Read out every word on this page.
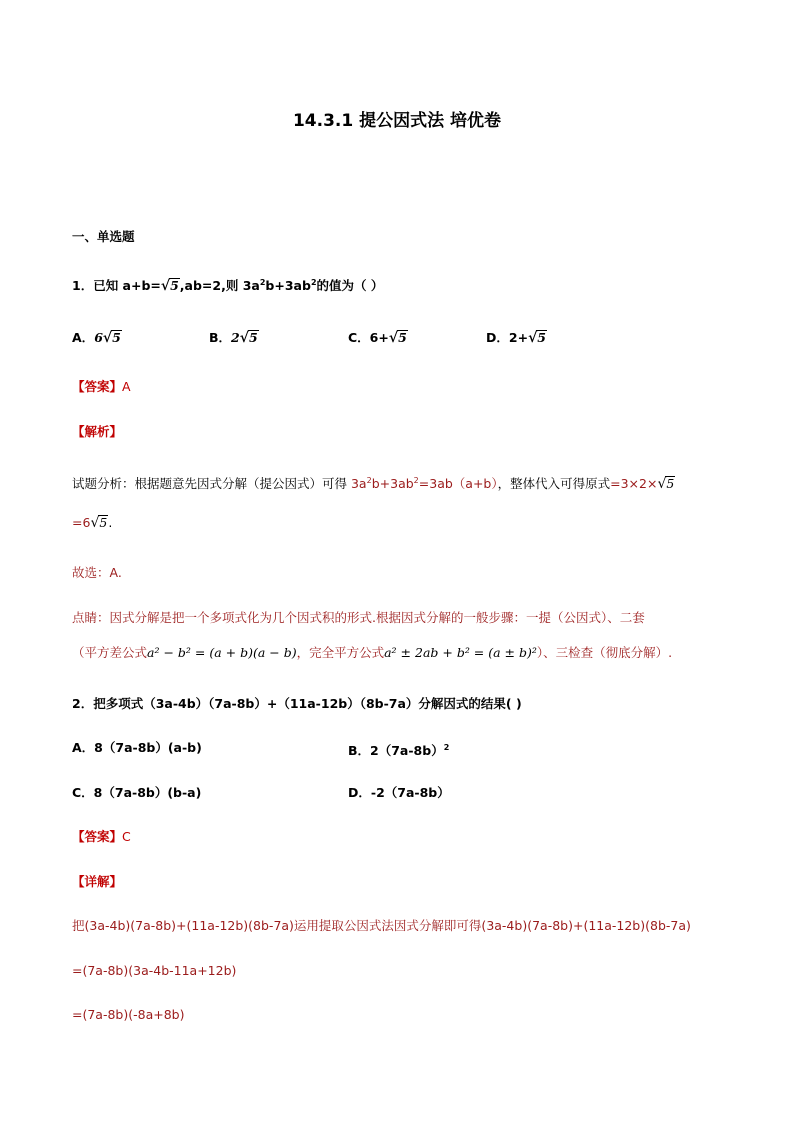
14.3.1 提公因式法 培优卷
一、单选题
1．已知 a+b=√5,ab=2,则 $3a^2b+3ab^2$的值为（ ）
A．6√5	B．2√5	C．6+√5	D．2+√5
【答案】A
【解析】
试题分析：根据题意先因式分解（提公因式）可得 $3a^2b+3ab^2=3ab(a+b)$，整体代入可得原式=3×2×√5
=6√5.
故选：A.
点睛：因式分解是把一个多项式化为几个因式积的形式.根据因式分解的一般步骤：一提（公因式）、二套
（平方差公式a² − b² = (a + b)(a − b)，完全平方公式a² ± 2ab + b² = (a ± b)²）、三检查（彻底分解）.
2．把多项式（3a-4b）（7a-8b）+（11a-12b）（8b-7a）分解因式的结果( )
A．8（7a-8b）(a-b)	B．$2(7a-8b)^2$
C．8（7a-8b）(b-a)	D．-2（7a-8b）
【答案】C
【详解】
把(3a-4b)(7a-8b)+(11a-12b)(8b-7a)运用提取公因式法因式分解即可得(3a-4b)(7a-8b)+(11a-12b)(8b-7a)
=(7a-8b)(3a-4b-11a+12b)
=(7a-8b)(-8a+8b)
